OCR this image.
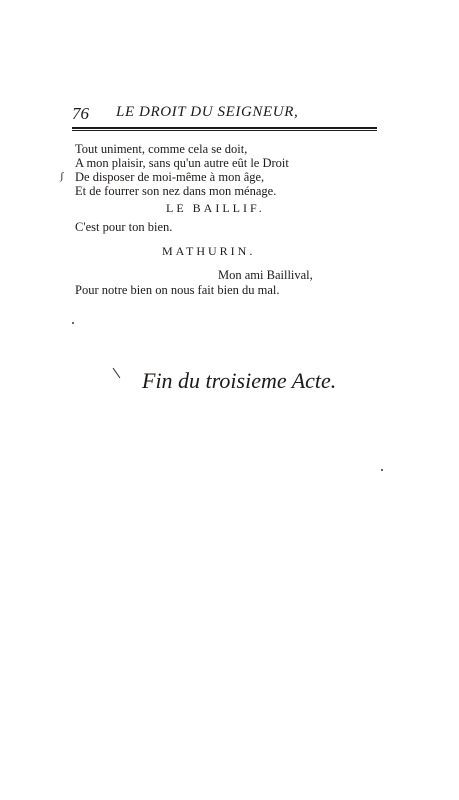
76 LE DROIT DU SEIGNEUR,
Tout uniment, comme cela se doit,
A mon plaisir, sans qu'un autre eût le Droit
De disposer de moi-même à mon âge,
Et de fourrer son nez dans mon ménage.
ʃ
LE BAILLIF.
C'est pour ton bien.
MATHURIN.
Mon ami Baillival,
Pour notre bien on nous fait bien du mal.
Fin du troisieme Acte.
